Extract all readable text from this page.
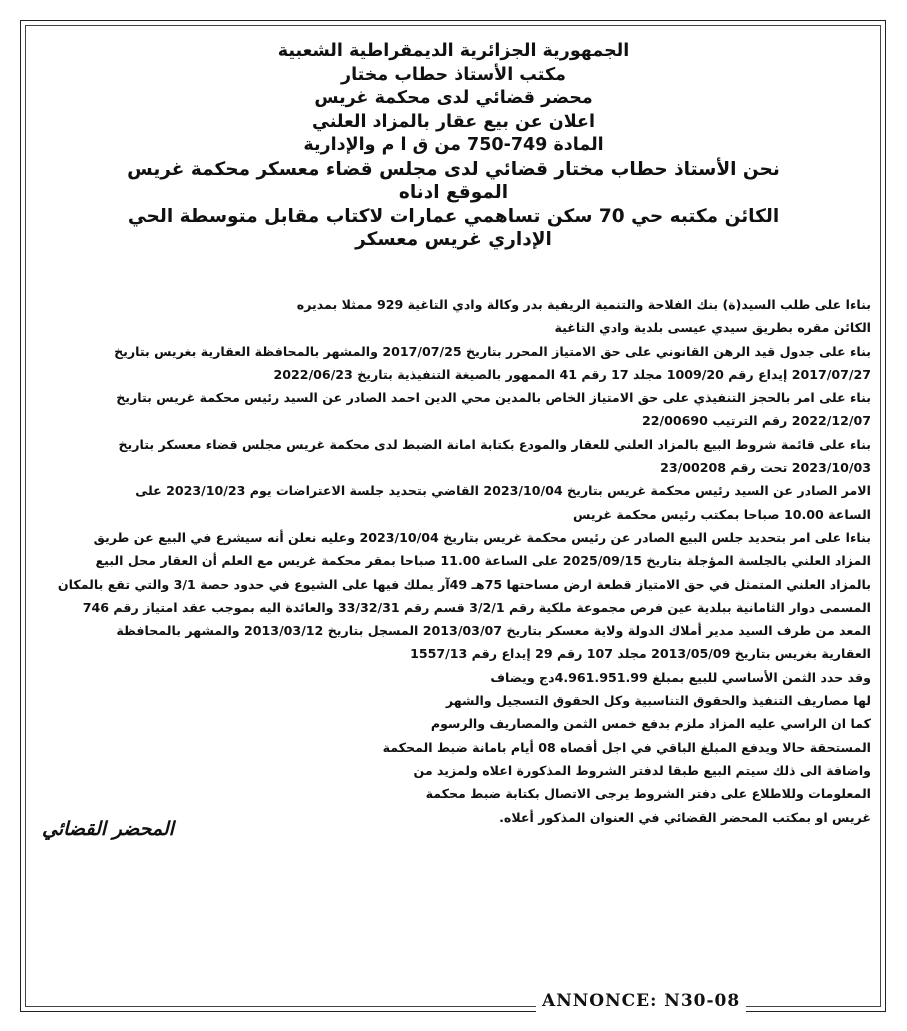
الجمهورية الجزائرية الديمقراطية الشعبية

مكتب الأستاذ حطاب مختار

محضر قضائي لدى محكمة غريس

اعلان عن بيع عقار بالمزاد العلني

المادة 749-750 من ق ا م والإدارية

نحن الأستاذ حطاب مختار قضائي لدى مجلس قضاء معسكر محكمة غريس

الموقع ادناه

الكائن مكتبه حي 70 سكن تساهمي عمارات لاكتاب مقابل متوسطة الحي

الإداري غريس معسكر

بناءا على طلب السيد(ة) بنك الفلاحة والتنمية الريفية بدر وكالة وادي التاغية 929 ممثلا بمديره

الكائن مقره بطريق سيدي عيسى بلدية وادي التاغية

بناء على جدول قيد الرهن القانوني على حق الامتياز المحرر بتاريخ 2017/07/25 والمشهر بالمحافظة العقارية بغريس بتاريخ

2017/07/27 إيداع رقم 1009/20 مجلد 17 رقم 41 الممهور بالصيغة التنفيذية بتاريخ 2022/06/23

بناء على امر بالحجز التنفيذي على حق الامتياز الخاص بالمدين محي الدين احمد الصادر عن السيد رئيس محكمة غريس بتاريخ

2022/12/07 رقم الترتيب 22/00690

بناء على قائمة شروط البيع بالمزاد العلني للعقار والمودع بكتابة امانة الضبط لدى محكمة غريس مجلس قضاء معسكر بتاريخ

2023/10/03 تحت رقم 23/00208

الامر الصادر عن السيد رئيس محكمة غريس بتاريخ 2023/10/04 القاضي بتحديد جلسة الاعتراضات يوم 2023/10/23 على

الساعة 10.00 صباحا بمكتب رئيس محكمة غريس

بناءا على امر بتحديد جلس البيع الصادر عن رئيس محكمة غريس بتاريخ 2023/10/04 وعليه نعلن أنه سيشرع في البيع عن طريق

المزاد العلني بالجلسة المؤجلة بتاريخ 2025/09/15 على الساعة 11.00 صباحا بمقر محكمة غريس مع العلم أن العقار محل البيع

بالمزاد العلني المتمثل في حق الامتياز قطعة ارض مساحتها 75هـ 49آر يملك فيها على الشيوع في حدود حصة 3/1 والتي تقع بالمكان

المسمى دوار الثامانية ببلدية عين فرص مجموعة ملكية رقم 3/2/1 قسم رقم 33/32/31 والعائدة اليه بموجب عقد امتياز رقم 746

المعد من طرف السيد مدير أملاك الدولة ولاية معسكر بتاريخ 2013/03/07 المسجل بتاريخ 2013/03/12 والمشهر بالمحافظة

العقارية بغريس بتاريخ 2013/05/09 مجلد 107 رقم 29 إيداع رقم 1557/13

وقد حدد الثمن الأساسي للبيع بمبلغ 4.961.951.99دج ويضاف

لها مصاريف التنفيذ والحقوق التناسبية وكل الحقوق التسجيل والشهر

كما ان الراسي عليه المزاد ملزم بدفع خمس الثمن والمصاريف والرسوم

المستحقة حالا ويدفع المبلغ الباقي في اجل أقصاه 08 أيام بامانة ضبط المحكمة

واضافة الى ذلك سيتم البيع طبقا لدفتر الشروط المذكورة اعلاه ولمزيد من

المعلومات وللاطلاع على دفتر الشروط يرجى الاتصال بكتابة ضبط محكمة

غريس او بمكتب المحضر القضائي في العنوان المذكور أعلاه.

المحضر القضائي
ANNONCE: N30-08
